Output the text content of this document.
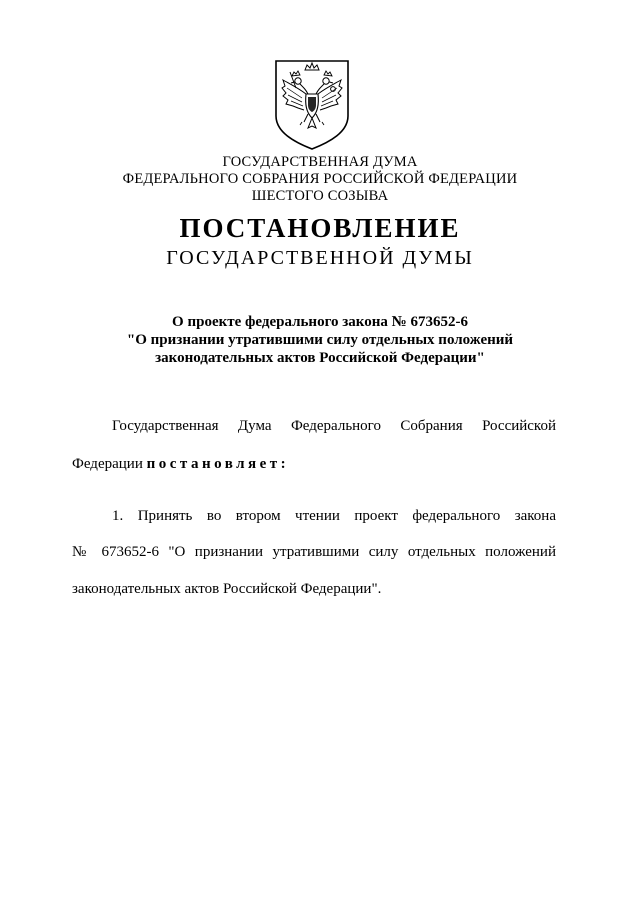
ГОСУДАРСТВЕННАЯ ДУМА
ФЕДЕРАЛЬНОГО СОБРАНИЯ РОССИЙСКОЙ ФЕДЕРАЦИИ
ШЕСТОГО СОЗЫВА
ПОСТАНОВЛЕНИЕ
ГОСУДАРСТВЕННОЙ ДУМЫ
О проекте федерального закона № 673652-6
"О признании утратившими силу отдельных положений
законодательных актов Российской Федерации"
Государственная Дума Федерального Собрания Российской
Федерации постановляет:
1. Принять во втором чтении проект федерального закона
№ 673652-6 "О признании утратившими силу отдельных положений
законодательных актов Российской Федерации".
